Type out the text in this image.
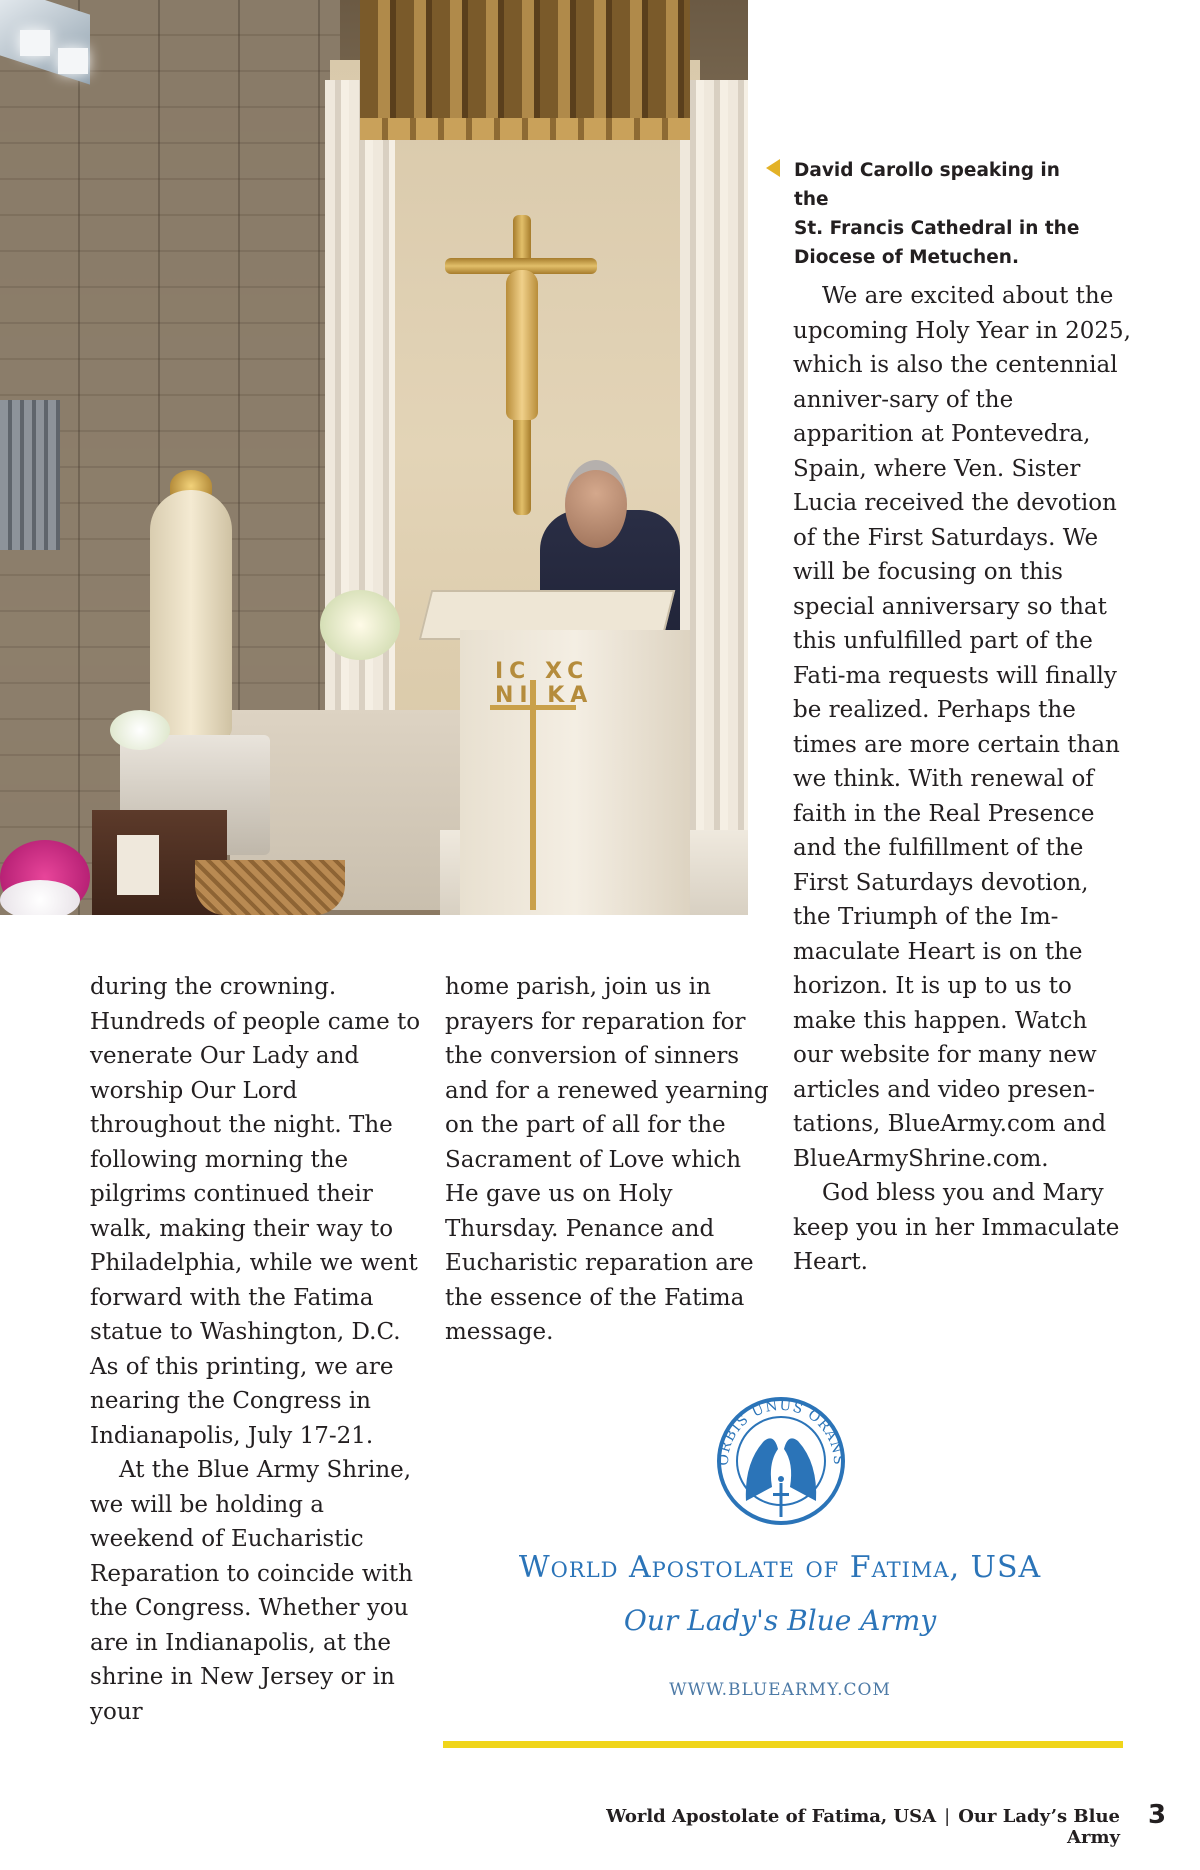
IC XC
NI KA
David Carollo speaking in the
St. Francis Cathedral in the
Diocese of Metuchen.

during the crowning. Hundreds of people came to venerate Our Lady and worship Our Lord throughout the night. The following morning the pilgrims continued their walk, making their way to Philadelphia, while we went forward with the Fatima statue to Washington, D.C. As of this printing, we are nearing the Congress in Indianapolis, July 17-21.

At the Blue Army Shrine, we will be holding a weekend of Eucharistic Reparation to coincide with the Congress. Whether you are in Indianapolis, at the shrine in New Jersey or in your

home parish, join us in prayers for reparation for the conversion of sinners and for a renewed yearning on the part of all for the Sacrament of Love which He gave us on Holy Thursday. Penance and Eucharistic reparation are the essence of the Fatima message.

We are excited about the upcoming Holy Year in 2025, which is also the centennial anniver-sary of the apparition at Pontevedra, Spain, where Ven. Sister Lucia received the devotion of the First Saturdays. We will be focusing on this special anniversary so that this unfulfilled part of the Fati-ma requests will finally be realized. Perhaps the times are more certain than we think. With renewal of faith in the Real Presence and the fulfillment of the First Saturdays devotion, the Triumph of the Im-maculate Heart is on the horizon. It is up to us to make this happen. Watch our website for many new articles and video presen-tations, BlueArmy.com and BlueArmyShrine.com.

God bless you and Mary keep you in her Immaculate Heart.

ORBIS UNUS ORANS
World Apostolate of Fatima, USA
Our Lady's Blue Army
WWW.BLUEARMY.COM
World Apostolate of Fatima, USA | Our Lady’s Blue Army
3
